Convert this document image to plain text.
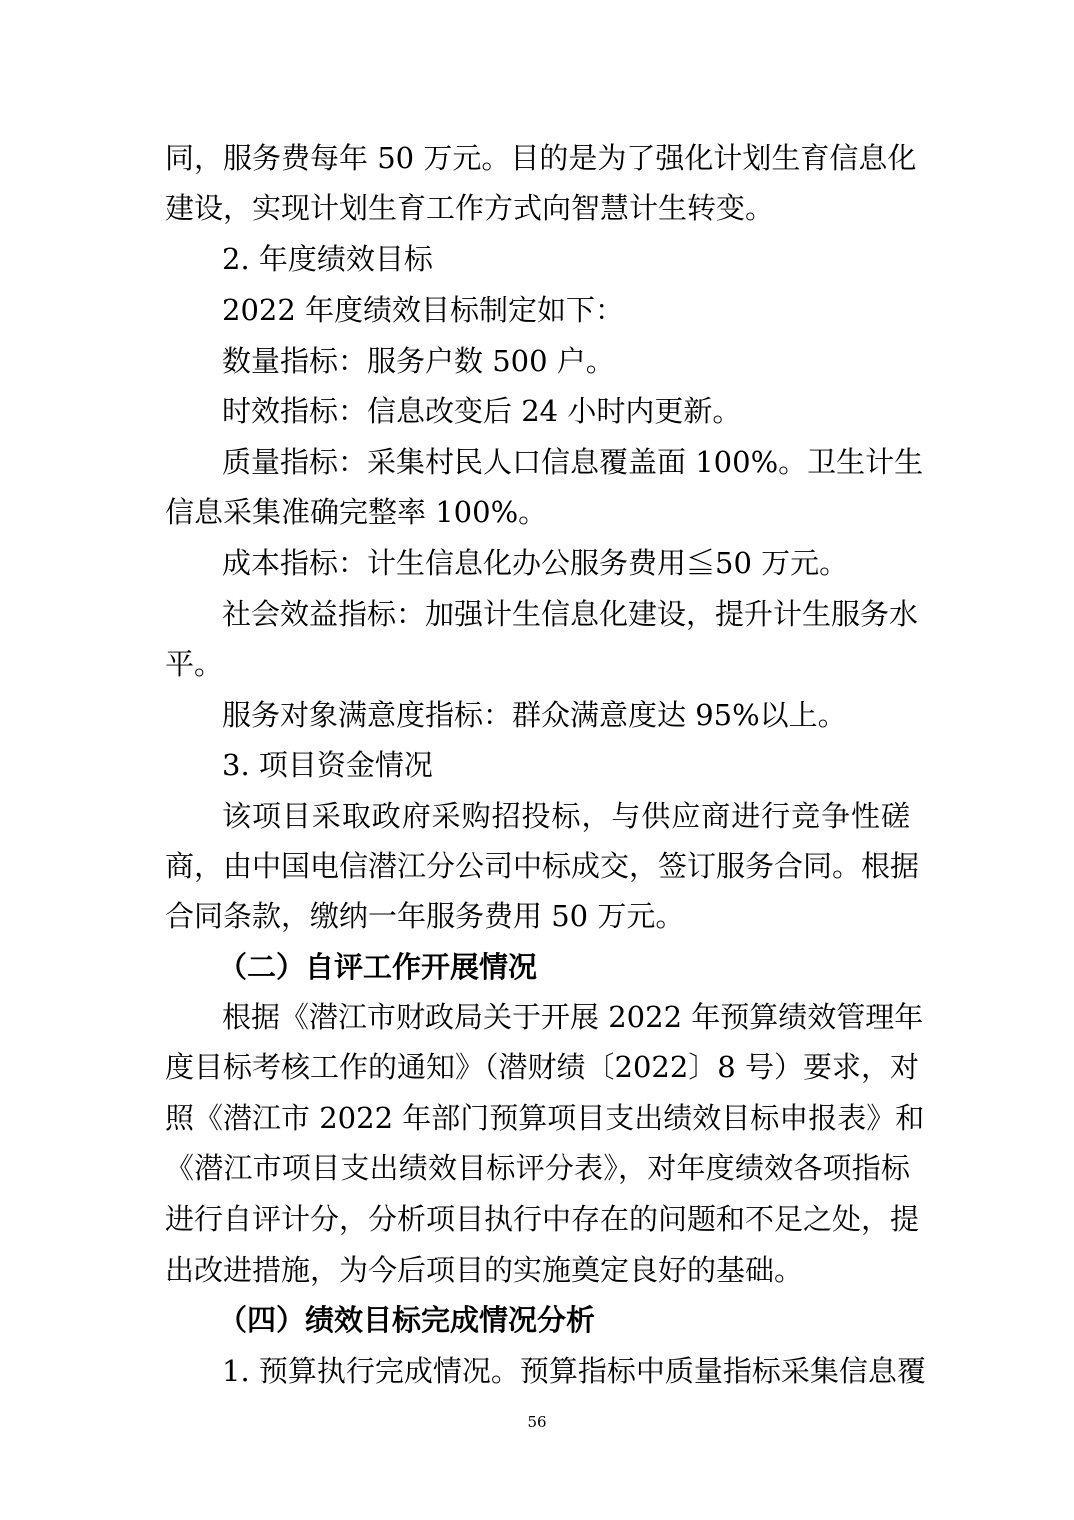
同，服务费每年 50 万元。目的是为了强化计划生育信息化
建设，实现计划生育工作方式向智慧计生转变。
2. 年度绩效目标
2022 年度绩效目标制定如下：
数量指标：服务户数 500 户。
时效指标：信息改变后 24 小时内更新。
质量指标：采集村民人口信息覆盖面 100%。卫生计生
信息采集准确完整率 100%。
成本指标：计生信息化办公服务费用≦50 万元。
社会效益指标：加强计生信息化建设，提升计生服务水
平。
服务对象满意度指标：群众满意度达 95%以上。
3. 项目资金情况
该项目采取政府采购招投标，与供应商进行竞争性磋
商，由中国电信潜江分公司中标成交，签订服务合同。根据
合同条款，缴纳一年服务费用 50 万元。
（二）自评工作开展情况
根据《潜江市财政局关于开展 2022 年预算绩效管理年
度目标考核工作的通知》（潜财绩〔2022〕8 号）要求，对
照《潜江市 2022 年部门预算项目支出绩效目标申报表》和
《潜江市项目支出绩效目标评分表》，对年度绩效各项指标
进行自评计分，分析项目执行中存在的问题和不足之处，提
出改进措施，为今后项目的实施奠定良好的基础。
（四）绩效目标完成情况分析
1. 预算执行完成情况。预算指标中质量指标采集信息覆
56
